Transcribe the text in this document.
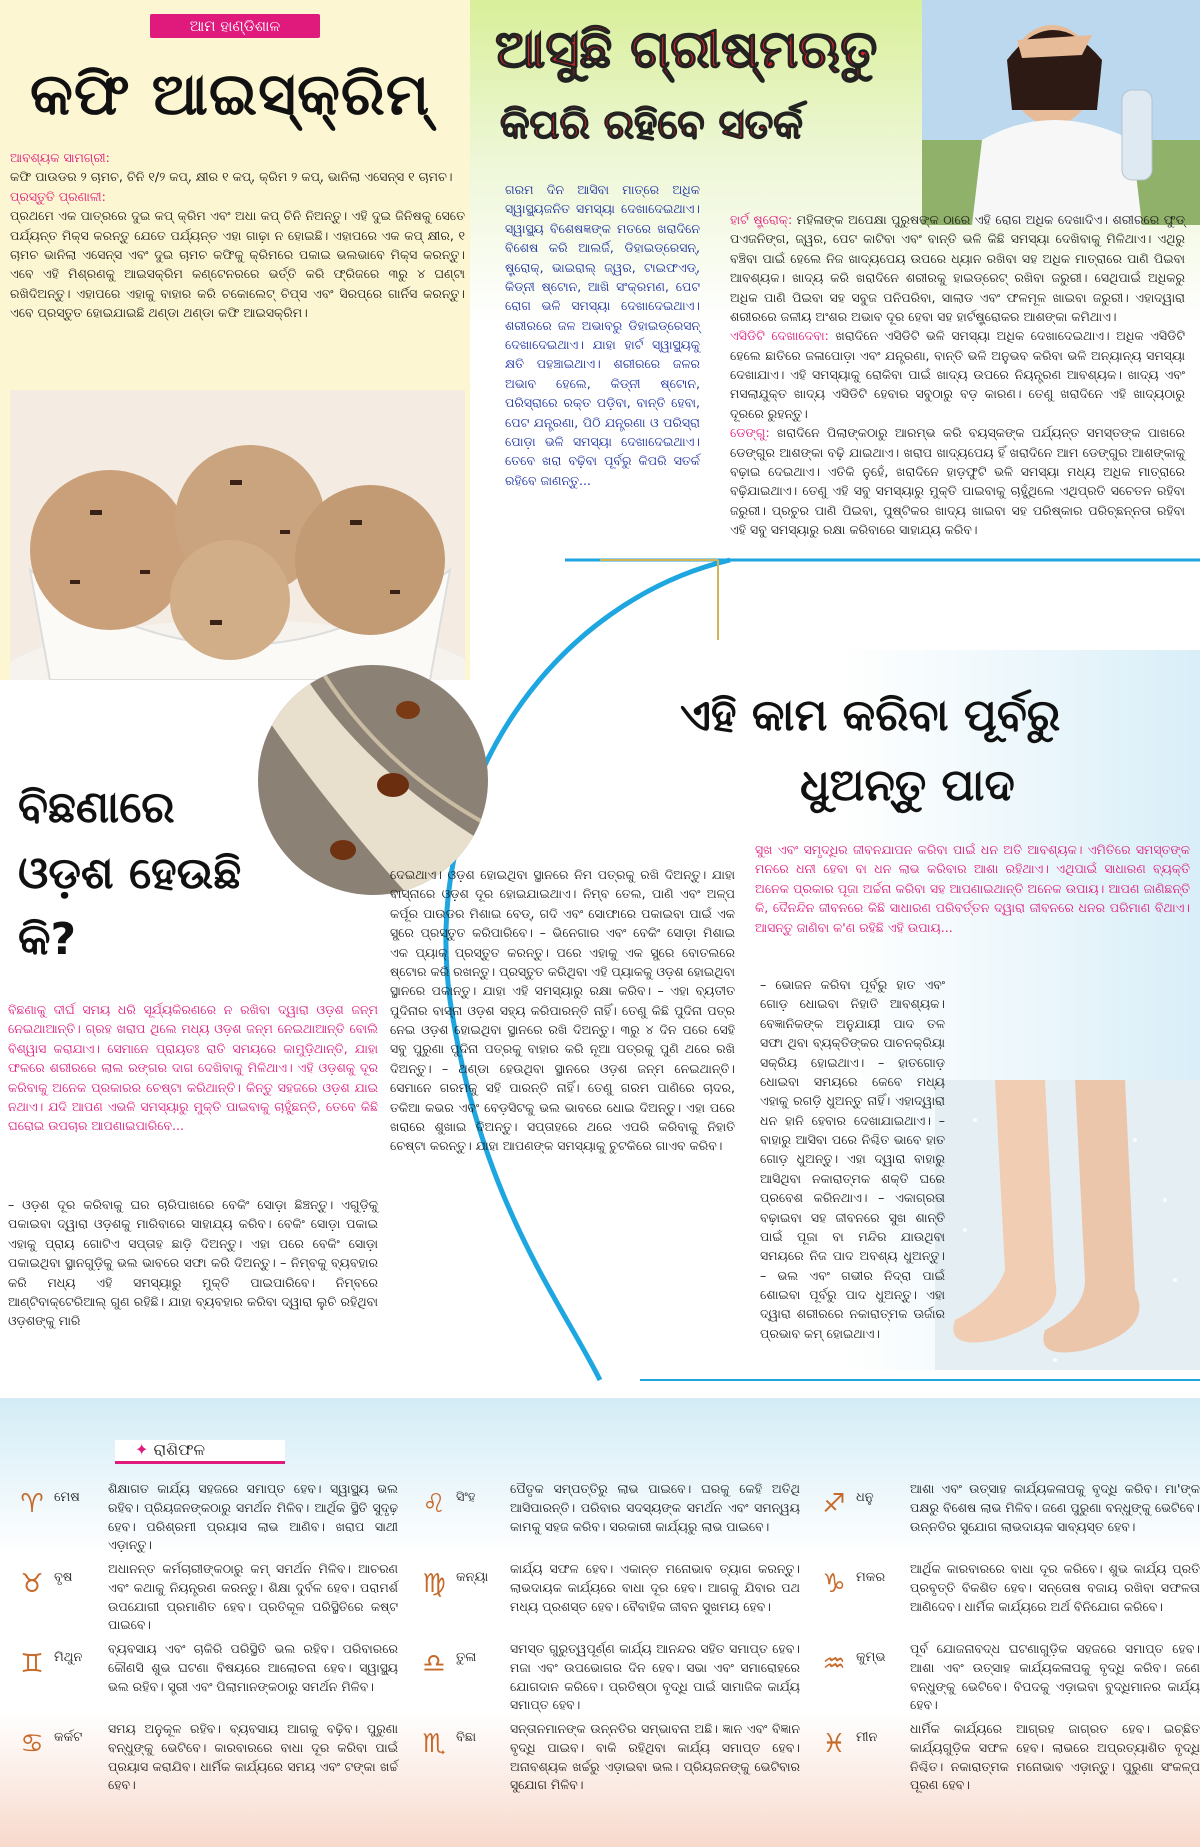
ଆମ ହାଣ୍ଡିଶାଳ
କଫି ଆଇସ୍‌କ୍ରିମ୍‌
ଆବଶ୍ୟକ ସାମଗ୍ରୀ:
କଫି ପାଉଡର ୨ ଚାମଚ, ଚିନି ୧/୨ କପ୍‌, କ୍ଷୀର ୧ କପ୍‌, କ୍ରିମ ୨ କପ୍‌, ଭାନିଲା ଏସେନ୍ସ ୧ ଚାମଚ।
ପ୍ରସ୍ତୁତି ପ୍ରଣାଳୀ:
ପ୍ରଥମେ ଏକ ପାତ୍ରରେ ଦୁଇ କପ୍‌ କ୍ରିମ ଏବଂ ଅଧା କପ୍‌ ଚିନି ନିଅନ୍ତୁ। ଏହି ଦୁଇ ଜିନିଷକୁ ସେତେ ପର୍ଯ୍ୟନ୍ତ ମିକ୍ସ କରନ୍ତୁ ଯେତେ ପର୍ଯ୍ୟନ୍ତ ଏହା ଗାଢ଼ା ନ ହୋଇଛି। ଏହାପରେ ଏକ କପ୍‌ କ୍ଷୀର, ୧ ଚାମଚ ଭାନିଲା ଏସେନ୍ସ ଏବଂ ଦୁଇ ଚାମଚ କଫିକୁ କ୍ରିମରେ ପକାଇ ଭଲଭାବେ ମିକ୍ସ କରନ୍ତୁ। ଏବେ ଏହି ମିଶ୍ରଣକୁ ଆଇସକ୍ରିମ କଣ୍ଟେନରରେ ଭର୍ତ୍ତି କରି ଫ୍ରିଜରେ ୩ରୁ ୪ ଘଣ୍ଟା ରଖିଦିଅନ୍ତୁ। ଏହାପରେ ଏହାକୁ ବାହାର କରି ଚକୋଲେଟ୍‌ ଚିପ୍ସ ଏବଂ ସିରପ୍‌ରେ ଗାର୍ନିସ କରନ୍ତୁ। ଏବେ ପ୍ରସ୍ତୁତ ହୋଇଯାଇଛି ଥଣ୍ଡା ଥଣ୍ଡା କଫି ଆଇସକ୍ରିମ।
ଆସୁଛି ଗ୍ରୀଷ୍ମଋତୁ
କିପରି ରହିବେ ସତର୍କ
ଗରମ ଦିନ ଆସିବା ମାତ୍ରେ ଅଧିକ ସ୍ୱାସ୍ଥ୍ୟଜନିତ ସମସ୍ୟା ଦେଖାଦେଇଥାଏ। ସ୍ୱାସ୍ଥ୍ୟ ବିଶେଷଜ୍ଞଙ୍କ ମତରେ ଖରାଦିନେ ବିଶେଷ କରି ଆଲର୍ଜି, ଡିହାଇଡ୍ରେସନ୍‌, ଷ୍ଟ୍ରୋକ୍‌, ଭାଇରାଲ୍‌ ଜ୍ୱର, ଟାଇଫଏଡ୍‌, କିଡ୍‌ନୀ ଷ୍ଟୋନ, ଆଖି ସଂକ୍ରମଣ, ପେଟ ରୋଗ ଭଳି ସମସ୍ୟା ଦେଖାଦେଇଥାଏ। ଶରୀରରେ ଜଳ ଅଭାବରୁ ଡିହାଇଡ୍ରେସନ୍‌ ଦେଖାଦେଇଥାଏ। ଯାହା ହାର୍ଟ ସ୍ୱାସ୍ଥ୍ୟକୁ କ୍ଷତି ପହଞ୍ଚାଇଥାଏ। ଶରୀରରେ ଜଳର ଅଭାବ ହେଲେ, କିଡ୍‌ନୀ ଷ୍ଟୋନ, ପରିସ୍ରାରେ ରକ୍ତ ପଡ଼ିବା, ବାନ୍ତି ହେବା, ପେଟ ଯନ୍ତ୍ରଣା, ପିଠି ଯନ୍ତ୍ରଣା ଓ ପରିସ୍ରା ପୋଡ଼ା ଭଳି ସମସ୍ୟା ଦେଖାଦେଇଥାଏ। ତେବେ ଖରା ବଢ଼ିବା ପୂର୍ବରୁ କିପରି ସତର୍କ ରହିବେ ଜାଣନ୍ତୁ...
ହାର୍ଟ ଷ୍ଟ୍ରୋକ୍‌: ମହିଳାଙ୍କ ଅପେକ୍ଷା ପୁରୁଷଙ୍କ ଠାରେ ଏହି ରୋଗ ଅଧିକ ଦେଖାଦିଏ। ଶରୀରରେ ଫୁଡ୍‌ ପଏଜନିଙ୍ଗ, ଜ୍ୱର, ପେଟ କାଟିବା ଏବଂ ବାନ୍ତି ଭଳି କିଛି ସମସ୍ୟା ଦେଖିବାକୁ ମିଳିଥାଏ। ଏଥିରୁ ବଞ୍ଚିବା ପାଇଁ ହେଲେ ନିଜ ଖାଦ୍ୟପେୟ ଉପରେ ଧ୍ୟାନ ରଖିବା ସହ ଅଧିକ ମାତ୍ରାରେ ପାଣି ପିଇବା ଆବଶ୍ୟକ। ଖାଦ୍ୟ କରି ଖରାଦିନେ ଶରୀରକୁ ହାଇଡ୍ରେଟ୍‌ ରଖିବା ଜରୁରୀ। ସେଥିପାଇଁ ଅଧିକରୁ ଅଧିକ ପାଣି ପିଇବା ସହ ସବୁଜ ପନିପରିବା, ସାଲାଡ ଏବଂ ଫଳମୂଳ ଖାଇବା ଜରୁରୀ। ଏହାଦ୍ୱାରା ଶରୀରରେ ଜଳୀୟ ଅଂଶର ଅଭାବ ଦୂର ହେବା ସହ ହାର୍ଟଷ୍ଟ୍ରୋକର ଆଶଙ୍କା କମିଥାଏ।
ଏସିଡିଟି ଦେଖାଦେବା: ଖରାଦିନେ ଏସିଡିଟି ଭଳି ସମସ୍ୟା ଅଧିକ ଦେଖାଦେଇଥାଏ। ଅଧିକ ଏସିଡିଟି ହେଲେ ଛାତିରେ ଜଳାପୋଡ଼ା ଏବଂ ଯନ୍ତ୍ରଣା, ବାନ୍ତି ଭଳି ଅନୁଭବ କରିବା ଭଳି ଅନ୍ୟାନ୍ୟ ସମସ୍ୟା ଦେଖାଯାଏ। ଏହି ସମସ୍ୟାକୁ ରୋକିବା ପାଇଁ ଖାଦ୍ୟ ଉପରେ ନିୟନ୍ତ୍ରଣ ଆବଶ୍ୟକ। ଖାଦ୍ୟ ଏବଂ ମସଲାଯୁକ୍ତ ଖାଦ୍ୟ ଏସିଡିଟି ହେବାର ସବୁଠାରୁ ବଡ଼ କାରଣ। ତେଣୁ ଖରାଦିନେ ଏହି ଖାଦ୍ୟଠାରୁ ଦୂରରେ ରୁହନ୍ତୁ।
ଡେଙ୍ଗୁ: ଖରାଦିନେ ପିଲାଙ୍କଠାରୁ ଆରମ୍ଭ କରି ବୟସ୍କଙ୍କ ପର୍ଯ୍ୟନ୍ତ ସମସ୍ତଙ୍କ ପାଖରେ ଡେଙ୍ଗୁର ଆଶଙ୍କା ବଢ଼ି ଯାଇଥାଏ। ଖରାପ ଖାଦ୍ୟପେୟ ହିଁ ଖରାଦିନେ ଆମ ଡେଙ୍ଗୁର ଆଶଙ୍କାକୁ ବଢ଼ାଇ ଦେଇଥାଏ। ଏତିକି ନୁହେଁ, ଖରାଦିନେ ହାଡ଼ଫୁଟି ଭଳି ସମସ୍ୟା ମଧ୍ୟ ଅଧିକ ମାତ୍ରାରେ ବଢ଼ିଯାଇଥାଏ। ତେଣୁ ଏହି ସବୁ ସମସ୍ୟାରୁ ମୁକ୍ତି ପାଇବାକୁ ଚାହୁଁଥିଲେ ଏଥିପ୍ରତି ସଚେତନ ରହିବା ଜରୁରୀ। ପ୍ରଚୁର ପାଣି ପିଇବା, ପୁଷ୍ଟିକର ଖାଦ୍ୟ ଖାଇବା ସହ ପରିଷ୍କାର ପରିଚ୍ଛନ୍ନତା ରହିବା ଏହି ସବୁ ସମସ୍ୟାରୁ ରକ୍ଷା କରିବାରେ ସାହାଯ୍ୟ କରିବ।
ଏହି କାମ କରିବା ପୂର୍ବରୁ
ଧୁଅନ୍ତୁ ପାଦ
ସୁଖ ଏବଂ ସମୃଦ୍ଧିର ଜୀବନଯାପନ କରିବା ପାଇଁ ଧନ ଅତି ଆବଶ୍ୟକ। ଏମିତିରେ ସମସ୍ତଙ୍କ ମନରେ ଧନୀ ହେବା ବା ଧନ ଲାଭ କରିବାର ଆଶା ରହିଥାଏ। ଏଥିପାଇଁ ସାଧାରଣ ବ୍ୟକ୍ତି ଅନେକ ପ୍ରକାର ପୂଜା ଅର୍ଚ୍ଚନା କରିବା ସହ ଆପଣାଇଥାନ୍ତି ଅନେକ ଉପାୟ। ଆପଣ ଜାଣିଛନ୍ତି କି, ଦୈନନ୍ଦିନ ଜୀବନରେ କିଛି ସାଧାରଣ ପରିବର୍ତ୍ତନ ଦ୍ୱାରା ଜୀବନରେ ଧନର ପରିମାଣ ବିଥାଏ। ଆସନ୍ତୁ ଜାଣିବା କ'ଣ ରହିଛି ଏହି ଉପାୟ...
– ଭୋଜନ କରିବା ପୂର୍ବରୁ ହାତ ଏବଂ ଗୋଡ଼ ଧୋଇବା ନିହାତି ଆବଶ୍ୟକ। ବେଜ୍ଞାନିକଙ୍କ ଅନୁଯାୟୀ ପାଦ ତଳ ସଫା ଥିବା ବ୍ୟକ୍ତିଙ୍କର ପାଚନକ୍ରିୟା ସକ୍ରିୟ ହୋଇଥାଏ। – ହାତଗୋଡ଼ ଧୋଇବା ସମୟରେ କେବେ ମଧ୍ୟ ଏହାକୁ ରଗଡ଼ି ଧୁଅନ୍ତୁ ନାହିଁ। ଏହାଦ୍ୱାରା ଧନ ହାନି ହେବାର ଦେଖାଯାଇଥାଏ। – ବାହାରୁ ଆସିବା ପରେ ନିଶ୍ଚିତ ଭାବେ ହାତ ଗୋଡ଼ ଧୁଅନ୍ତୁ। ଏହା ଦ୍ୱାରା ବାହାରୁ ଆସିଥିବା ନକାରାତ୍ମକ ଶକ୍ତି ଘରେ ପ୍ରବେଶ କରିନଥାଏ। – ଏକାଗ୍ରତା ବଢ଼ାଇବା ସହ ଜୀବନରେ ସୁଖ ଶାନ୍ତି ପାଇଁ ପୂଜା ବା ମନ୍ଦିର ଯାଉଥିବା ସମୟରେ ନିଜ ପାଦ ଅବଶ୍ୟ ଧୁଅନ୍ତୁ। – ଭଲ ଏବଂ ଗଭୀର ନିଦ୍ରା ପାଇଁ ଶୋଇବା ପୂର୍ବରୁ ପାଦ ଧୁଅନ୍ତୁ। ଏହା ଦ୍ୱାରା ଶରୀରରେ ନକାରାତ୍ମକ ଊର୍ଜାର ପ୍ରଭାବ କମ୍‌ ହୋଇଥାଏ।
ବିଛଣାରେ ଓଡ଼ଶ ହେଉଛି କି?
ବିଛଣାକୁ ଦୀର୍ଘ ସମୟ ଧରି ସୂର୍ଯ୍ୟକିରଣରେ ନ ରଖିବା ଦ୍ୱାରା ଓଡ଼ଶ ଜନ୍ମ ନେଇଥାଆନ୍ତି। ଗ୍ରହ ଖରାପ ଥିଲେ ମଧ୍ୟ ଓଡ଼ଶ ଜନ୍ମ ନେଇଥାଆନ୍ତି ବୋଲି ବିଶ୍ୱାସ କରାଯାଏ। ସେମାନେ ପ୍ରାୟତଃ ରାତି ସମୟରେ କାମୁଡ଼ିଥାନ୍ତି, ଯାହା ଫଳରେ ଶରୀରରେ ଲାଲ ରଙ୍ଗର ଦାଗ ଦେଖିବାକୁ ମିଳିଥାଏ। ଏହି ଓଡ଼ଶକୁ ଦୂର କରିବାକୁ ଅନେକ ପ୍ରକାରର ଚେଷ୍ଟା କରିଥାନ୍ତି। କିନ୍ତୁ ସହଜରେ ଓଡ଼ଶ ଯାଇ ନଥାଏ। ଯଦି ଆପଣ ଏଭଳି ସମସ୍ୟାରୁ ମୁକ୍ତି ପାଇବାକୁ ଚାହୁଁଛନ୍ତି, ତେବେ କିଛି ଘରୋଇ ଉପଚାର ଆପଣାଇପାରିବେ...
– ଓଡ଼ଶ ଦୂର କରିବାକୁ ଘର ଚାରିପାଖରେ ବେକିଂ ସୋଡ଼ା ଛିଞ୍ଚନ୍ତୁ। ଏଗୁଡ଼ିକୁ ପକାଇବା ଦ୍ୱାରା ଓଡ଼ଶକୁ ମାରିବାରେ ସାହାଯ୍ୟ କରିବ। ବେକିଂ ସୋଡ଼ା ପକାଇ ଏହାକୁ ପ୍ରାୟ ଗୋଟିଏ ସପ୍ତାହ ଛାଡ଼ି ଦିଅନ୍ତୁ। ଏହା ପରେ ବେକିଂ ସୋଡ଼ା ପକାଇଥିବା ସ୍ଥାନଗୁଡ଼ିକୁ ଭଲ ଭାବରେ ସଫା କରି ଦିଅନ୍ତୁ। – ନିମ୍ବକୁ ବ୍ୟବହାର କରି ମଧ୍ୟ ଏହି ସମସ୍ୟାରୁ ମୁକ୍ତି ପାଇପାରିବେ। ନିମ୍ବରେ ଆଣ୍ଟିବାକ୍ଟେରିଆଲ୍‌ ଗୁଣ ରହିଛି। ଯାହା ବ୍ୟବହାର କରିବା ଦ୍ୱାରା ଲୁଚି ରହିଥିବା ଓଡ଼ଶଙ୍କୁ ମାରି
ଦେଇଥାଏ। ଓଡ଼ଶ ହୋଇଥିବା ସ୍ଥାନରେ ନିମ ପତ୍ରକୁ ରଖି ଦିଅନ୍ତୁ। ଯାହା ବାସ୍ନାରେ ଓଡ଼ଶ ଦୂର ହୋଇଯାଇଥାଏ। ନିମ୍ବ ତେଲ, ପାଣି ଏବଂ ଅଳ୍ପ କର୍ପୂର ପାଉଡର ମିଶାଇ ବେଡ୍‌, ଗଦି ଏବଂ ସୋଫାରେ ପକାଇବା ପାଇଁ ଏକ ସ୍ପ୍ରେ ପ୍ରସ୍ତୁତ କରିପାରିବେ। – ଭିନେଗାର ଏବଂ ବେକିଂ ସୋଡ଼ା ମିଶାଇ ଏକ ପ୍ୟାକ୍‌ ପ୍ରସ୍ତୁତ କରନ୍ତୁ। ପରେ ଏହାକୁ ଏକ ସ୍ପ୍ରେ ବୋତଲରେ ଷ୍ଟୋର କରି ରଖନ୍ତୁ। ପ୍ରସ୍ତୁତ କରିଥିବା ଏହି ପ୍ୟାକକୁ ଓଡ଼ଶ ହୋଇଥିବା ସ୍ଥାନରେ ପକାନ୍ତୁ। ଯାହା ଏହି ସମସ୍ୟାରୁ ରକ୍ଷା କରିବ। – ଏହା ବ୍ୟତୀତ ପୁଦିନାର ବାସ୍ନା ଓଡ଼ଶ ସହ୍ୟ କରିପାରନ୍ତି ନାହିଁ। ତେଣୁ କିଛି ପୁଦିନା ପତ୍ର ନେଇ ଓଡ଼ଶ ହୋଇଥିବା ସ୍ଥାନରେ ରଖି ଦିଅନ୍ତୁ। ୩ରୁ ୪ ଦିନ ପରେ ସେହି ସବୁ ପୁରୁଣା ପୁଦିନା ପତ୍ରକୁ ବାହାର କରି ନୂଆ ପତ୍ରକୁ ପୁଣି ଥରେ ରଖି ଦିଅନ୍ତୁ। – ଥଣ୍ଡା ହେଉଥିବା ସ୍ଥାନରେ ଓଡ଼ଶ ଜନ୍ମ ନେଇଥାନ୍ତି। ସେମାନେ ଗରମକୁ ସହି ପାରନ୍ତି ନାହିଁ। ତେଣୁ ଗରମ ପାଣିରେ ଚାଦର, ତକିଆ କଭର ଏବଂ ବେଡ଼ସିଟକୁ ଭଲ ଭାବରେ ଧୋଇ ଦିଅନ୍ତୁ। ଏହା ପରେ ଖରାରେ ଶୁଖାଇ ଦିଅନ୍ତୁ। ସପ୍ତାହରେ ଥରେ ଏପରି କରିବାକୁ ନିହାତି ଚେଷ୍ଟା କରନ୍ତୁ। ଯାହା ଆପଣଙ୍କ ସମସ୍ୟାକୁ ଚୁଟକିରେ ଗାଏବ କରିବ।
✦ ରାଶିଫଳ
♈ ମେଷ
ଶିକ୍ଷାଗତ କାର୍ଯ୍ୟ ସହଜରେ ସମାପ୍ତ ହେବ। ସ୍ୱାସ୍ଥ୍ୟ ଭଲ ରହିବ। ପ୍ରିୟଜନଙ୍କଠାରୁ ସମର୍ଥନ ମିଳିବ। ଆର୍ଥିକ ସ୍ଥିତି ସୁଦୃଢ଼ ହେବ। ପରିଶ୍ରମୀ ପ୍ରୟାସ ଲାଭ ଆଣିବ। ଖରାପ ସାଥୀ ଏଡ଼ାନ୍ତୁ।
♉ ବୃଷ
ଅଧାନନ୍ତ କର୍ମଚାରୀଙ୍କଠାରୁ କମ୍‌ ସମର୍ଥନ ମିଳିବ। ଆଚରଣ ଏବଂ କଥାକୁ ନିୟନ୍ତ୍ରଣ କରନ୍ତୁ। ଶିକ୍ଷା ଦୁର୍ବଳ ହେବ। ପରାମର୍ଶ ଉପଯୋଗୀ ପ୍ରମାଣିତ ହେବ। ପ୍ରତିକୂଳ ପରିସ୍ଥିତିରେ କଷ୍ଟ ପାଇବେ।
♊ ମିଥୁନ
ବ୍ୟବସାୟ ଏବଂ ଚାକିରି ପରିସ୍ଥିତି ଭଲ ରହିବ। ପରିବାରରେ କୌଣସି ଶୁଭ ଘଟଣା ବିଷୟରେ ଆଲୋଚନା ହେବ। ସ୍ୱାସ୍ଥ୍ୟ ଭଲ ରହିବ। ସ୍ତ୍ରୀ ଏବଂ ପିଲାମାନଙ୍କଠାରୁ ସମର୍ଥନ ମିଳିବ।
♋ କର୍କଟ
ସମୟ ଅନୁକୂଳ ରହିବ। ବ୍ୟବସାୟ ଆଗକୁ ବଢ଼ିବ। ପୁରୁଣା ବନ୍ଧୁଙ୍କୁ ଭେଟିବେ। କାରବାରରେ ବାଧା ଦୂର କରିବା ପାଇଁ ପ୍ରୟାସ କରାଯିବ। ଧାର୍ମିକ କାର୍ଯ୍ୟରେ ସମୟ ଏବଂ ଟଙ୍କା ଖର୍ଚ୍ଚ ହେବ।
♌ ସିଂହ
ପୈତୃକ ସମ୍ପତ୍ତିରୁ ଲାଭ ପାଇବେ। ଘରକୁ କେହି ଅତିଥି ଆସିପାରନ୍ତି। ପରିବାର ସଦସ୍ୟଙ୍କ ସମର୍ଥନ ଏବଂ ସମନ୍ୱୟ କାମକୁ ସହଜ କରିବ। ସରକାରୀ କାର୍ଯ୍ୟରୁ ଲାଭ ପାଇବେ।
♍ କନ୍ୟା
କାର୍ଯ୍ୟ ସଫଳ ହେବ। ଏକାନ୍ତ ମନୋଭାବ ତ୍ୟାଗ କରନ୍ତୁ। ଲାଭଦାୟକ କାର୍ଯ୍ୟରେ ବାଧା ଦୂର ହେବ। ଆଗକୁ ଯିବାର ପଥ ମଧ୍ୟ ପ୍ରଶସ୍ତ ହେବ। ବୈବାହିକ ଜୀବନ ସୁଖମୟ ହେବ।
♎ ତୁଳା
ସମସ୍ତ ଗୁରୁତ୍ୱପୂର୍ଣ୍ଣ କାର୍ଯ୍ୟ ଆନନ୍ଦର ସହିତ ସମାପ୍ତ ହେବ। ମଜା ଏବଂ ଉପଭୋଗର ଦିନ ହେବ। ସଭା ଏବଂ ସମାରୋହରେ ଯୋଗଦାନ କରିବେ। ପ୍ରତିଷ୍ଠା ବୃଦ୍ଧି ପାଇଁ ସାମାଜିକ କାର୍ଯ୍ୟ ସମାପ୍ତ ହେବ।
♏ ବିଛା
ସନ୍ତାନମାନଙ୍କ ଉନ୍ନତିର ସମ୍ଭାବନା ଅଛି। ଜ୍ଞାନ ଏବଂ ବିଜ୍ଞାନ ବୃଦ୍ଧି ପାଇବ। ବାକି ରହିଥିବା କାର୍ଯ୍ୟ ସମାପ୍ତ ହେବ। ଅନାବଶ୍ୟକ ଖର୍ଚ୍ଚରୁ ଏଡ଼ାଇବା ଭଲ। ପ୍ରିୟଜନଙ୍କୁ ଭେଟିବାର ସୁଯୋଗ ମିଳିବ।
♐ ଧନୁ
ଆଶା ଏବଂ ଉତ୍ସାହ କାର୍ଯ୍ୟକଳାପକୁ ବୃଦ୍ଧି କରିବ। ମା'ଙ୍କ ପକ୍ଷରୁ ବିଶେଷ ଲାଭ ମିଳିବ। ଜଣେ ପୁରୁଣା ବନ୍ଧୁଙ୍କୁ ଭେଟିବେ। ଉନ୍ନତିର ସୁଯୋଗ ଲାଭଦାୟକ ସାବ୍ୟସ୍ତ ହେବ।
♑ ମକର
ଆର୍ଥିକ କାରବାରରେ ବାଧା ଦୂର କରିବେ। ଶୁଭ କାର୍ଯ୍ୟ ପ୍ରତି ପ୍ରବୃତ୍ତି ବିକଶିତ ହେବ। ସନ୍ତୋଷ ବଜାୟ ରଖିବା ସଫଳତା ଆଣିଦେବ। ଧାର୍ମିକ କାର୍ଯ୍ୟରେ ଅର୍ଥ ବିନିଯୋଗ କରିବେ।
♒ କୁମ୍ଭ
ପୂର୍ବ ଯୋଜନାବଦ୍ଧ ଘଟଣାଗୁଡ଼ିକ ସହଜରେ ସମାପ୍ତ ହେବ। ଆଶା ଏବଂ ଉତ୍ସାହ କାର୍ଯ୍ୟକଳାପକୁ ବୃଦ୍ଧି କରିବ। ଜଣେ ବନ୍ଧୁଙ୍କୁ ଭେଟିବେ। ବିପଦକୁ ଏଡ଼ାଇବା ବୁଦ୍ଧିମାନର କାର୍ଯ୍ୟ ହେବ।
♓ ମୀନ
ଧାର୍ମିକ କାର୍ଯ୍ୟରେ ଆଗ୍ରହ ଜାଗ୍ରତ ହେବ। ଇଚ୍ଛିତ କାର୍ଯ୍ୟଗୁଡ଼ିକ ସଫଳ ହେବ। ଲାଭରେ ଅପ୍ରତ୍ୟାଶିତ ବୃଦ୍ଧି ନିଶ୍ଚିତ। ନକାରାତ୍ମକ ମନୋଭାବ ଏଡ଼ାନ୍ତୁ। ପୁରୁଣା ସଂକଳ୍ପ ପୂରଣ ହେବ।
